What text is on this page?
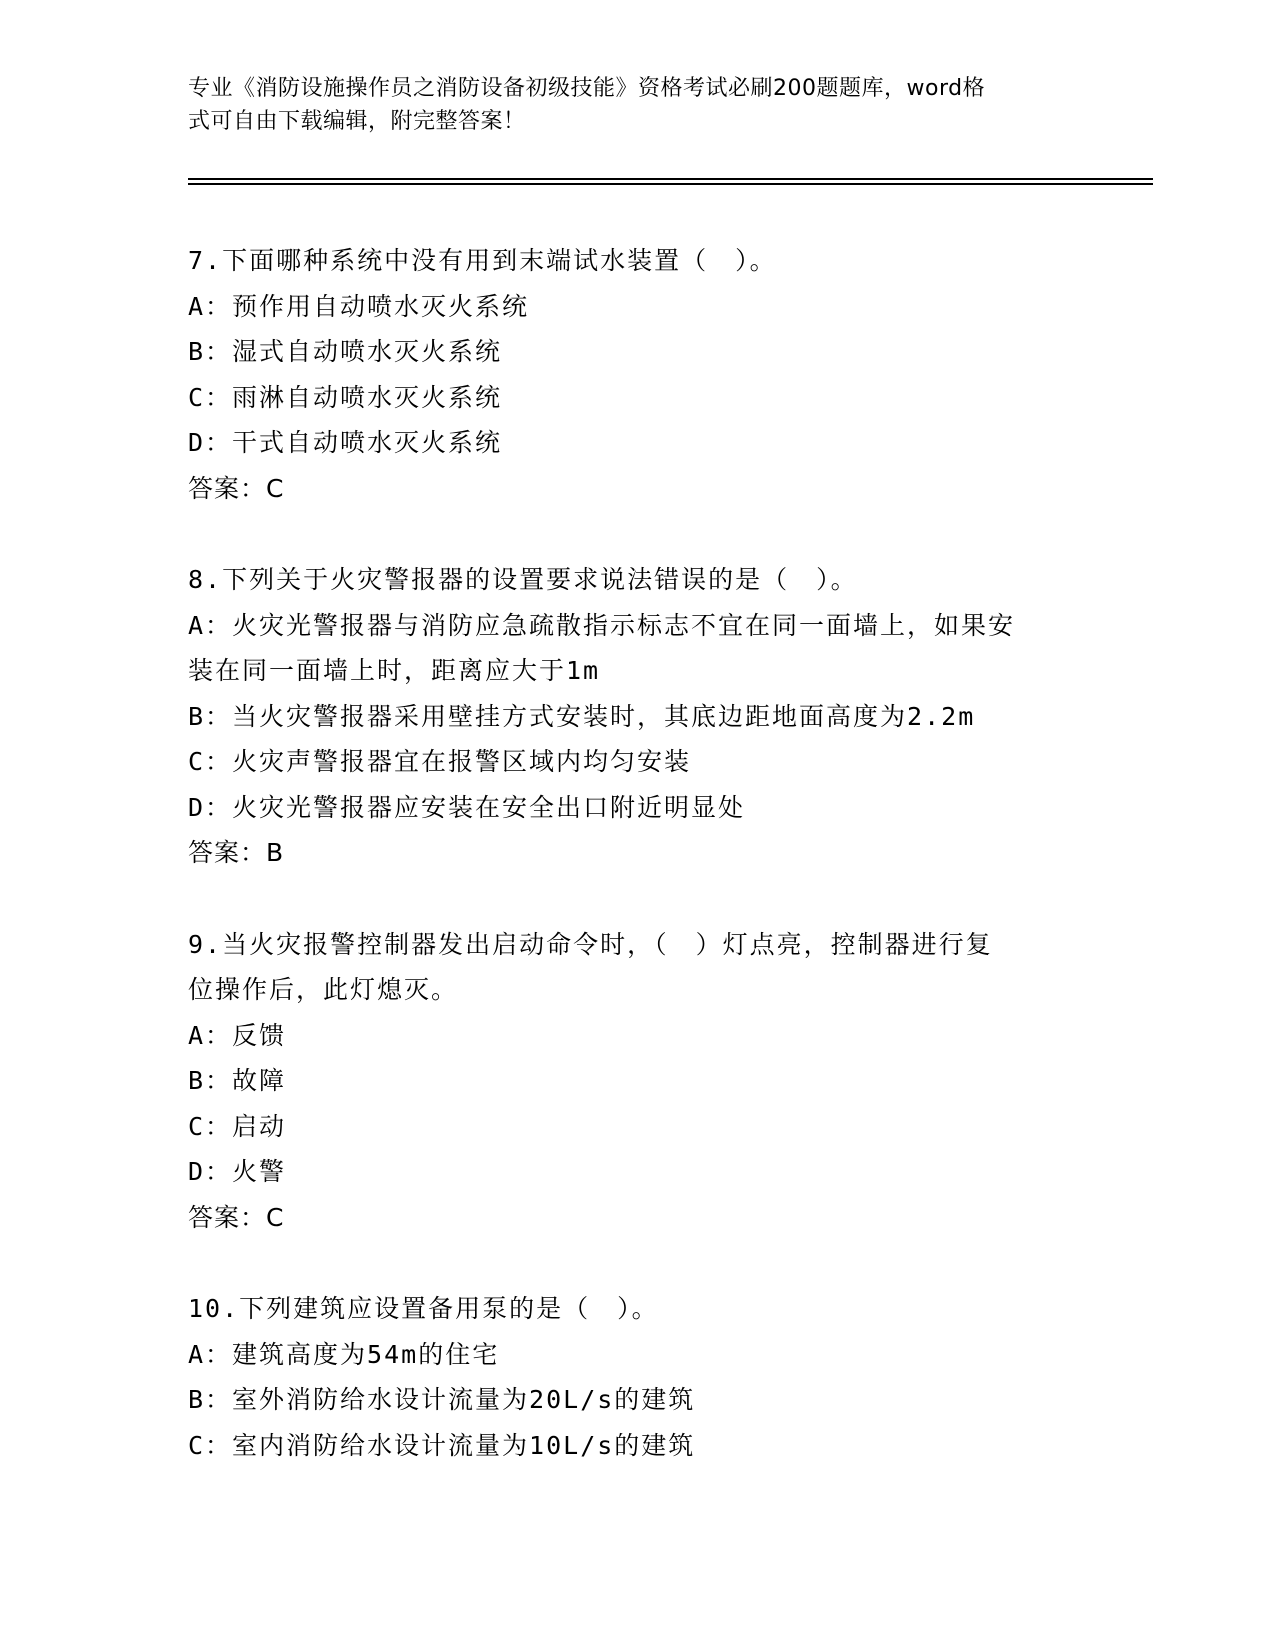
专业《消防设施操作员之消防设备初级技能》资格考试必刷200题题库，word格
式可自由下载编辑，附完整答案！
7.下面哪种系统中没有用到末端试水装置（　）。
A：预作用自动喷水灭火系统
B：湿式自动喷水灭火系统
C：雨淋自动喷水灭火系统
D：干式自动喷水灭火系统
答案：C
8.下列关于火灾警报器的设置要求说法错误的是（　）。
A：火灾光警报器与消防应急疏散指示标志不宜在同一面墙上，如果安
装在同一面墙上时，距离应大于1m
B：当火灾警报器采用壁挂方式安装时，其底边距地面高度为2.2m
C：火灾声警报器宜在报警区域内均匀安装
D：火灾光警报器应安装在安全出口附近明显处
答案：B
9.当火灾报警控制器发出启动命令时，（　）灯点亮，控制器进行复
位操作后，此灯熄灭。
A：反馈
B：故障
C：启动
D：火警
答案：C
10.下列建筑应设置备用泵的是（　）。
A：建筑高度为54m的住宅
B：室外消防给水设计流量为20L/s的建筑
C：室内消防给水设计流量为10L/s的建筑
